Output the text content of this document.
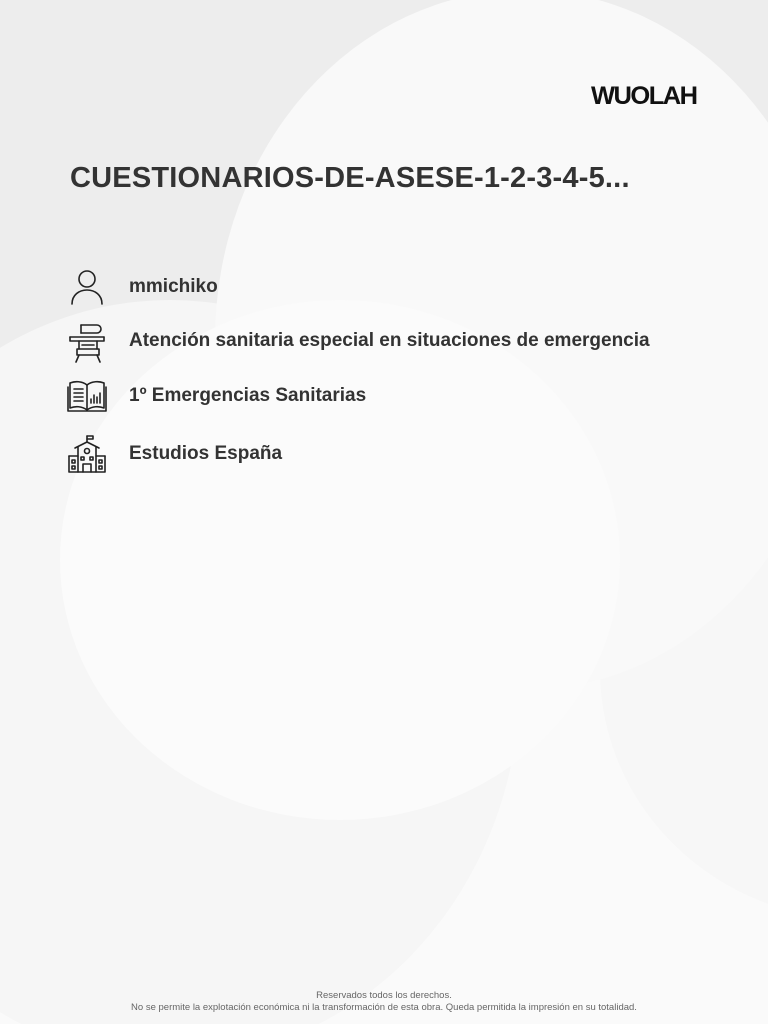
WUOLAH
CUESTIONARIOS-DE-ASESE-1-2-3-4-5...
mmichiko
Atención sanitaria especial en situaciones de emergencia
1º Emergencias Sanitarias
Estudios España
Reservados todos los derechos.
No se permite la explotación económica ni la transformación de esta obra. Queda permitida la impresión en su totalidad.
